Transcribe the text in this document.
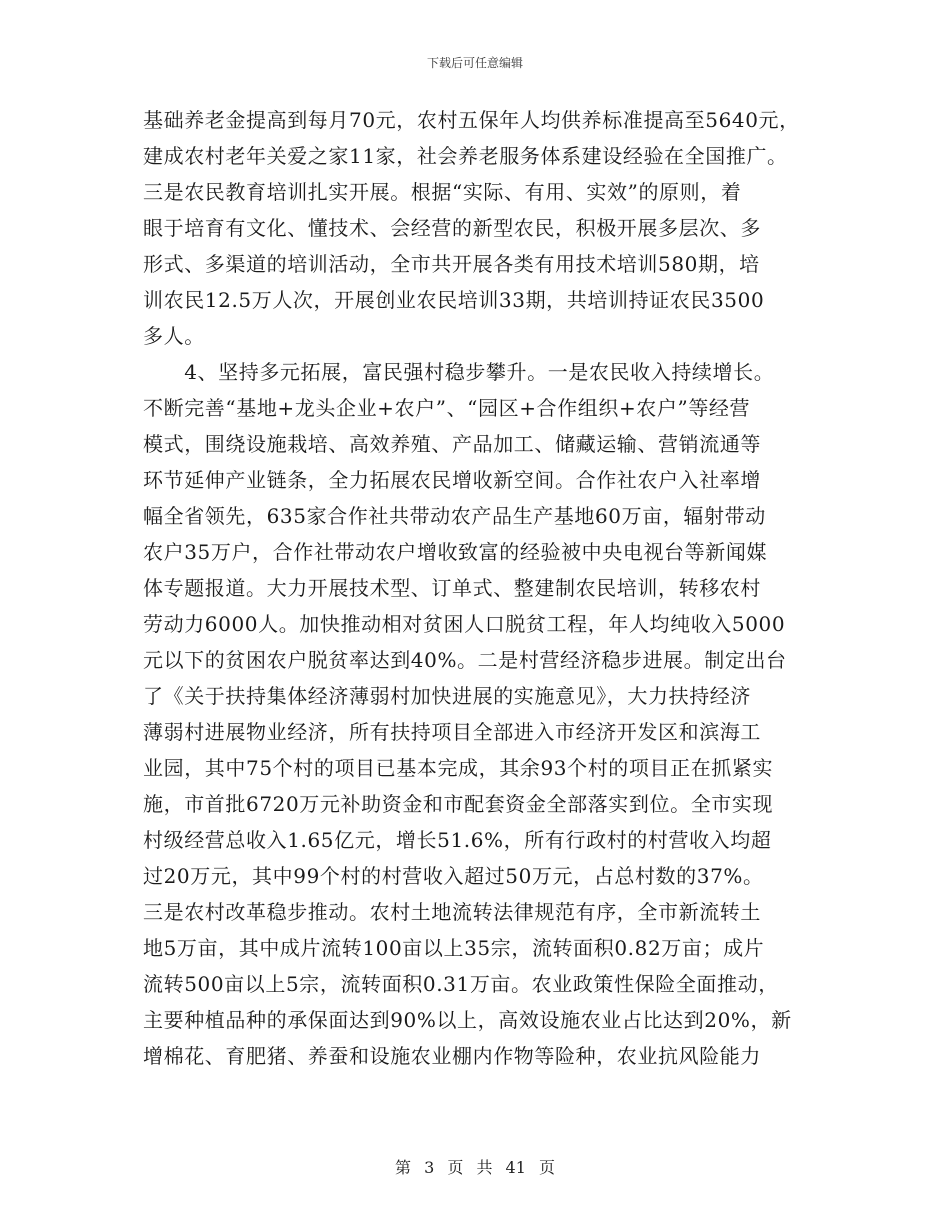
下载后可任意编辑
基础养老金提高到每月70元，农村五保年人均供养标准提高至5640元，
建成农村老年关爱之家11家，社会养老服务体系建设经验在全国推广。
三是农民教育培训扎实开展。根据“实际、有用、实效”的原则，着
眼于培育有文化、懂技术、会经营的新型农民，积极开展多层次、多
形式、多渠道的培训活动，全市共开展各类有用技术培训580期，培
训农民12.5万人次，开展创业农民培训33期，共培训持证农民3500
多人。
　　4、坚持多元拓展，富民强村稳步攀升。一是农民收入持续增长。
不断完善“基地+龙头企业+农户”、“园区+合作组织+农户”等经营
模式，围绕设施栽培、高效养殖、产品加工、储藏运输、营销流通等
环节延伸产业链条，全力拓展农民增收新空间。合作社农户入社率增
幅全省领先，635家合作社共带动农产品生产基地60万亩，辐射带动
农户35万户，合作社带动农户增收致富的经验被中央电视台等新闻媒
体专题报道。大力开展技术型、订单式、整建制农民培训，转移农村
劳动力6000人。加快推动相对贫困人口脱贫工程，年人均纯收入5000
元以下的贫困农户脱贫率达到40%。二是村营经济稳步进展。制定出台
了《关于扶持集体经济薄弱村加快进展的实施意见》，大力扶持经济
薄弱村进展物业经济，所有扶持项目全部进入市经济开发区和滨海工
业园，其中75个村的项目已基本完成，其余93个村的项目正在抓紧实
施，市首批6720万元补助资金和市配套资金全部落实到位。全市实现
村级经营总收入1.65亿元，增长51.6%，所有行政村的村营收入均超
过20万元，其中99个村的村营收入超过50万元，占总村数的37%。
三是农村改革稳步推动。农村土地流转法律规范有序，全市新流转土
地5万亩，其中成片流转100亩以上35宗，流转面积0.82万亩；成片
流转500亩以上5宗，流转面积0.31万亩。农业政策性保险全面推动，
主要种植品种的承保面达到90%以上，高效设施农业占比达到20%，新
增棉花、育肥猪、养蚕和设施农业棚内作物等险种，农业抗风险能力
第 3 页 共 41 页
